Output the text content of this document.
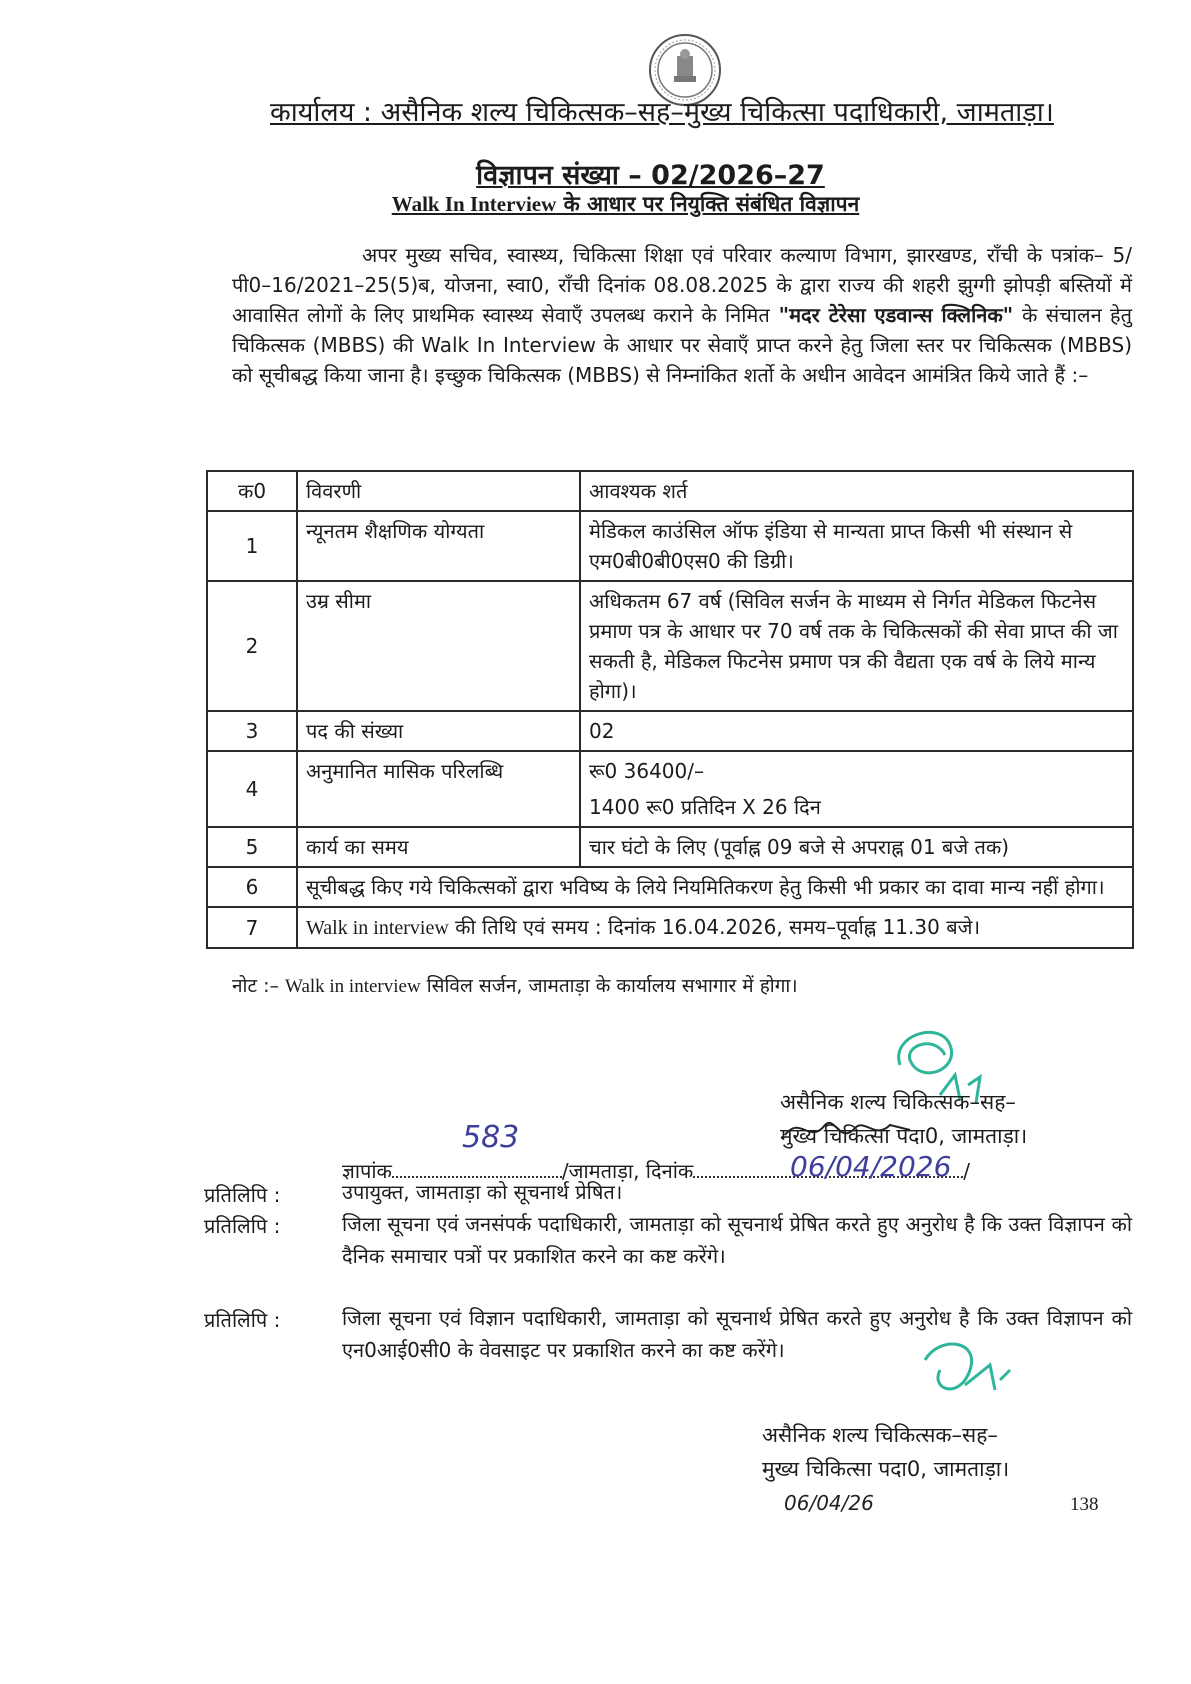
कार्यालय : असैनिक शल्य चिकित्सक–सह–मुख्य चिकित्सा पदाधिकारी, जामताड़ा।
विज्ञापन संख्या – 02/2026–27
Walk In Interview के आधार पर नियुक्ति संबंधित विज्ञापन
अपर मुख्य सचिव, स्वास्थ्य, चिकित्सा शिक्षा एवं परिवार कल्याण विभाग, झारखण्ड, राँची के पत्रांक– 5/पी0–16/2021–25(5)ब, योजना, स्वा0, राँची दिनांक 08.08.2025 के द्वारा राज्य की शहरी झुग्गी झोपड़ी बस्तियों में आवासित लोगों के लिए प्राथमिक स्वास्थ्य सेवाएँ उपलब्ध कराने के निमित "मदर टेरेसा एडवान्स क्लिनिक" के संचालन हेतु चिकित्सक (MBBS) की Walk In Interview के आधार पर सेवाएँ प्राप्त करने हेतु जिला स्तर पर चिकित्सक (MBBS) को सूचीबद्ध किया जाना है। इच्छुक चिकित्सक (MBBS) से निम्नांकित शर्तो के अधीन आवेदन आमंत्रित किये जाते हैं :–
क0	विवरणी	आवश्यक शर्त
1	न्यूनतम शैक्षणिक योग्यता	मेडिकल काउंसिल ऑफ इंडिया से मान्यता प्राप्त किसी भी संस्थान से एम0बी0बी0एस0 की डिग्री।
2	उम्र सीमा	अधिकतम 67 वर्ष (सिविल सर्जन के माध्यम से निर्गत मेडिकल फिटनेस प्रमाण पत्र के आधार पर 70 वर्ष तक के चिकित्सकों की सेवा प्राप्त की जा सकती है, मेडिकल फिटनेस प्रमाण पत्र की वैद्यता एक वर्ष के लिये मान्य होगा)।
3	पद की संख्या	02
4	अनुमानित मासिक परिलब्धि	रू0 36400/–
1400 रू0 प्रतिदिन X 26 दिन

5	कार्य का समय	चार घंटो के लिए (पूर्वाह्न 09 बजे से अपराह्न 01 बजे तक)
6	सूचीबद्ध किए गये चिकित्सकों द्वारा भविष्य के लिये नियमितिकरण हेतु किसी भी प्रकार का दावा मान्य नहीं होगा।	
7	Walk in interview की तिथि एवं समय : दिनांक 16.04.2026, समय–पूर्वाह्न 11.30 बजे।	
नोट :– Walk in interview सिविल सर्जन, जामताड़ा के कार्यालय सभागार में होगा।
असैनिक शल्य चिकित्सक–सह–
मुख्य चिकित्सा पदा0, जामताड़ा।
583
ज्ञापांक	/जामताड़ा, दिनांक	/
06/04/2026
प्रतिलिपि :	उपायुक्त, जामताड़ा को सूचनार्थ प्रेषित।
प्रतिलिपि :	जिला सूचना एवं जनसंपर्क पदाधिकारी, जामताड़ा को सूचनार्थ प्रेषित करते हुए अनुरोध है कि उक्त विज्ञापन को दैनिक समाचार पत्रों पर प्रकाशित करने का कष्ट करेंगे।
प्रतिलिपि :	जिला सूचना एवं विज्ञान पदाधिकारी, जामताड़ा को सूचनार्थ प्रेषित करते हुए अनुरोध है कि उक्त विज्ञापन को एन0आई0सी0 के वेवसाइट पर प्रकाशित करने का कष्ट करेंगे।
असैनिक शल्य चिकित्सक–सह–
मुख्य चिकित्सा पदा0, जामताड़ा।
06/04/26	138
